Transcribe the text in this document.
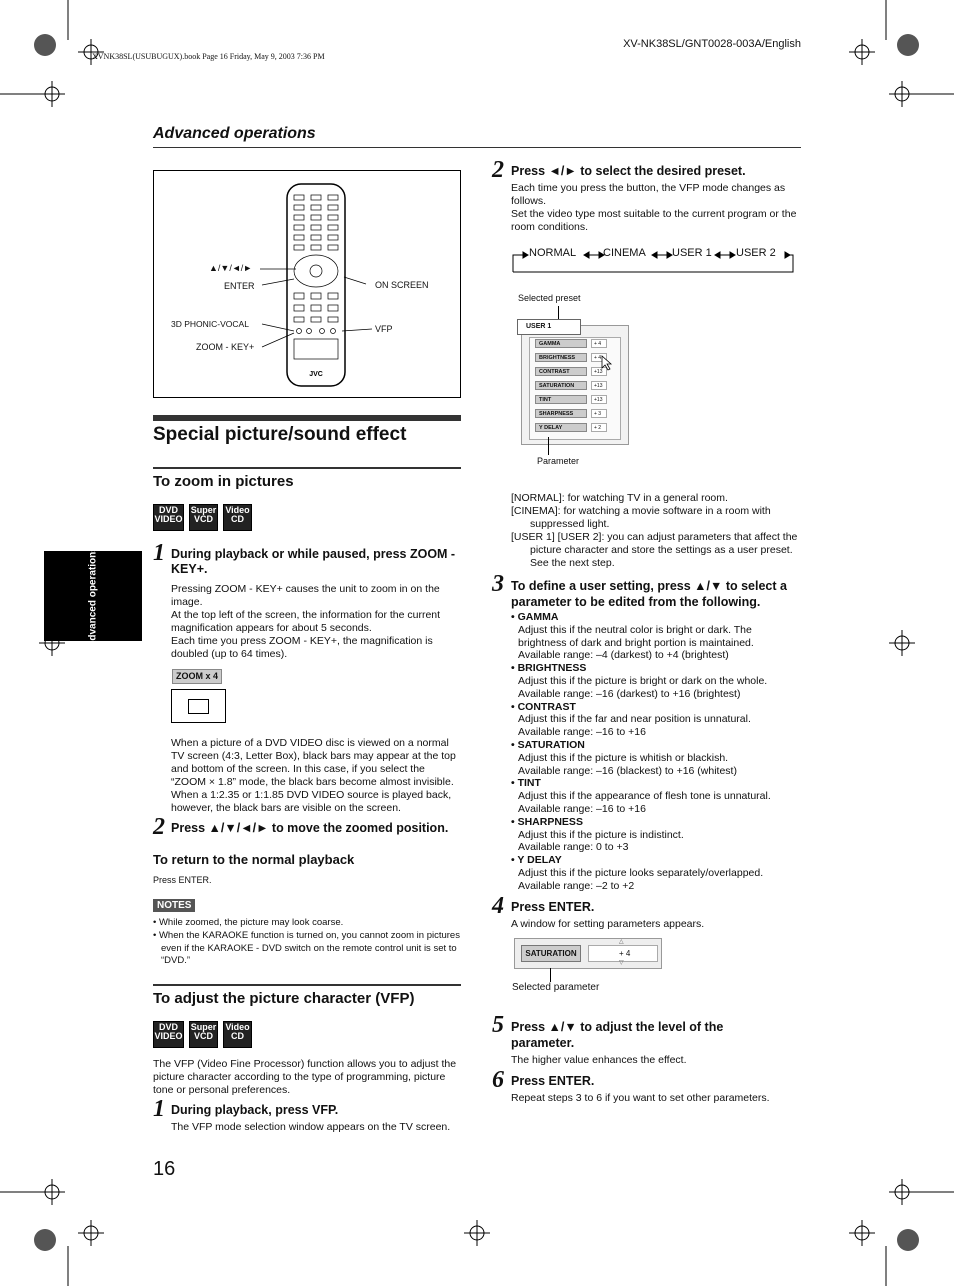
XVNK38SL(USUBUGUX).book Page 16 Friday, May 9, 2003 7:36 PM
XV-NK38SL/GNT0028-003A/English
Advanced operations
Advanced operations
JVC
▲/▼/◄/►
ENTER	ON SCREEN
3D PHONIC-VOCAL	VFP
ZOOM - KEY+
Special picture/sound effect
To zoom in pictures
DVD
VIDEO
Super
VCD
Video
CD
1 During playback or while paused, press ZOOM - KEY+.
Pressing ZOOM - KEY+ causes the unit to zoom in on the image.
At the top left of the screen, the information for the current magnification appears for about 5 seconds.
Each time you press ZOOM - KEY+, the magnification is doubled (up to 64 times).
ZOOM x 4
When a picture of a DVD VIDEO disc is viewed on a normal TV screen (4:3, Letter Box), black bars may appear at the top and bottom of the screen. In this case, if you select the “ZOOM × 1.8” mode, the black bars become almost invisible. When a 1:2.35 or 1:1.85 DVD VIDEO source is played back, however, the black bars are visible on the screen.
2 Press ▲/▼/◄/► to move the zoomed position.
To return to the normal playback
Press ENTER.
NOTES
• While zoomed, the picture may look coarse.
• When the KARAOKE function is turned on, you cannot zoom in pictures even if the KARAOKE - DVD switch on the remote control unit is set to “DVD.”
To adjust the picture character (VFP)
DVD
VIDEO
Super
VCD
Video
CD
The VFP (Video Fine Processor) function allows you to adjust the picture character according to the type of programming, picture tone or personal preferences.
1 During playback, press VFP.
The VFP mode selection window appears on the TV screen.
2 Press ◄/► to select the desired preset.
Each time you press the button, the VFP mode changes as follows.
Set the video type most suitable to the current program or the room conditions.
NORMAL CINEMA USER 1 USER 2
Selected preset
USER 1
GAMMA	+ 4
BRIGHTNESS	+ 4
CONTRAST	+13
SATURATION	+13
TINT	+13
SHARPNESS	+ 3
Y DELAY	+ 2
Parameter
[NORMAL]: for watching TV in a general room.
[CINEMA]: for watching a movie software in a room with suppressed light.
[USER 1] [USER 2]: you can adjust parameters that affect the picture character and store the settings as a user preset. See the next step.
3 To define a user setting, press ▲/▼ to select a parameter to be edited from the following.
• GAMMA
Adjust this if the neutral color is bright or dark. The brightness of dark and bright portion is maintained.
Available range: –4 (darkest) to +4 (brightest)
• BRIGHTNESS
Adjust this if the picture is bright or dark on the whole.
Available range: –16 (darkest) to +16 (brightest)
• CONTRAST
Adjust this if the far and near position is unnatural.
Available range: –16 to +16
• SATURATION
Adjust this if the picture is whitish or blackish.
Available range: –16 (blackest) to +16 (whitest)
• TINT
Adjust this if the appearance of flesh tone is unnatural.
Available range: –16 to +16
• SHARPNESS
Adjust this if the picture is indistinct.
Available range: 0 to +3
• Y DELAY
Adjust this if the picture looks separately/overlapped.
Available range: –2 to +2
4 Press ENTER.
A window for setting parameters appears.
SATURATION	+ 4
△
▽
Selected parameter
5 Press ▲/▼ to adjust the level of the parameter.
The higher value enhances the effect.
6 Press ENTER.
Repeat steps 3 to 6 if you want to set other parameters.
16
